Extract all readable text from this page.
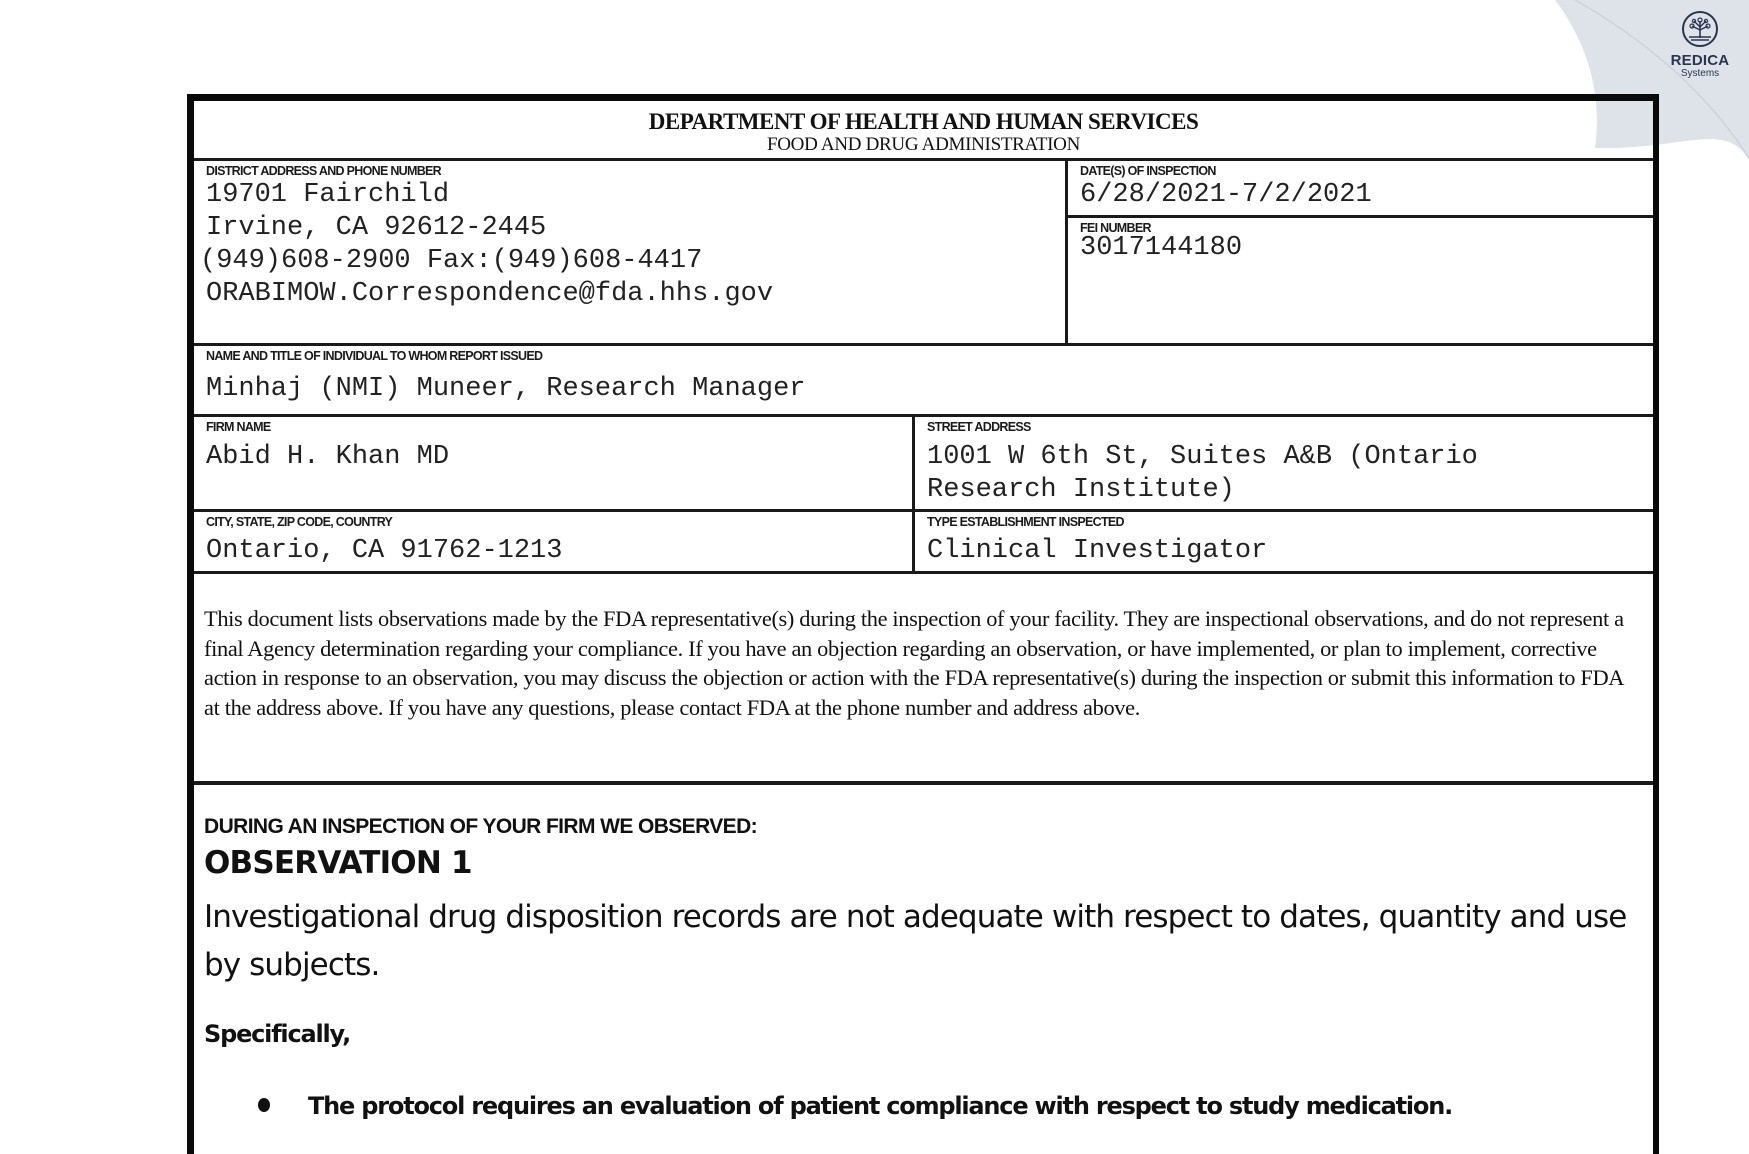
REDICA
Systems
DEPARTMENT OF HEALTH AND HUMAN SERVICES
FOOD AND DRUG ADMINISTRATION
DISTRICT ADDRESS AND PHONE NUMBER
19701 Fairchild
Irvine, CA 92612-2445
(949)608-2900 Fax:(949)608-4417
ORABIMOW.Correspondence@fda.hhs.gov
DATE(S) OF INSPECTION
6/28/2021-7/2/2021
FEI NUMBER
3017144180
NAME AND TITLE OF INDIVIDUAL TO WHOM REPORT ISSUED
Minhaj (NMI) Muneer, Research Manager
FIRM NAME
Abid H. Khan MD
STREET ADDRESS
1001 W 6th St, Suites A&B (Ontario
Research Institute)
CITY, STATE, ZIP CODE, COUNTRY
Ontario, CA 91762-1213
TYPE ESTABLISHMENT INSPECTED
Clinical Investigator
This document lists observations made by the FDA representative(s) during the inspection of your facility. They are inspectional observations, and do not represent a final Agency determination regarding your compliance. If you have an objection regarding an observation, or have implemented, or plan to implement, corrective action in response to an observation, you may discuss the objection or action with the FDA representative(s) during the inspection or submit this information to FDA at the address above. If you have any questions, please contact FDA at the phone number and address above.
DURING AN INSPECTION OF YOUR FIRM WE OBSERVED:
OBSERVATION 1
Investigational drug disposition records are not adequate with respect to dates, quantity and use by subjects.
Specifically,
The protocol requires an evaluation of patient compliance with respect to study medication.
